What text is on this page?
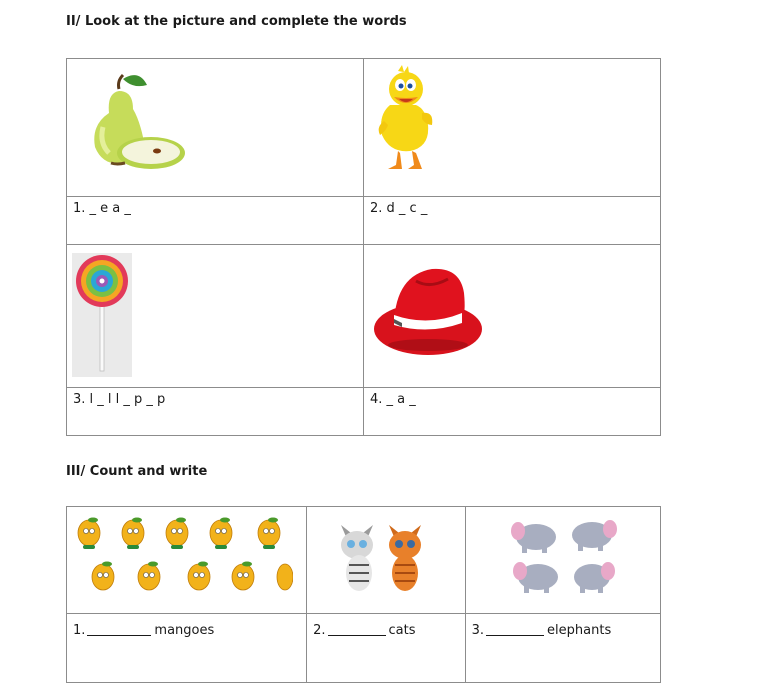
II/ Look at the picture and complete the words

1. _ e a _	2. d _ c _

3. l _ l l _ p _ p	4. _ a _
III/ Count and write

1. mangoes	2. cats	3. elephants
